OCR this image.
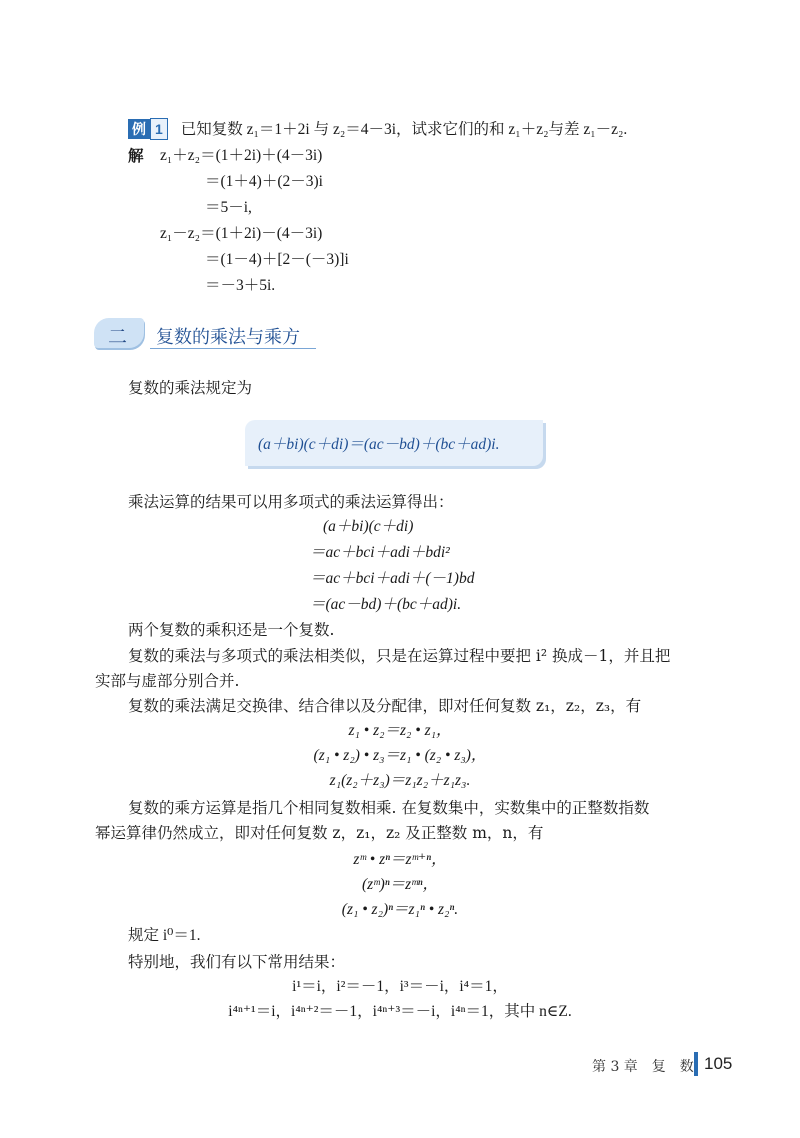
例 1 已知复数 z₁＝1＋2i 与 z₂＝4－3i，试求它们的和 z₁＋z₂与差 z₁－z₂.
解 z₁＋z₂＝(1＋2i)＋(4－3i)
＝(1＋4)＋(2－3)i
＝5－i,
z₁－z₂＝(1＋2i)－(4－3i)
＝(1－4)＋[2－(－3)]i
＝－3＋5i.
二 复数的乘法与乘方
复数的乘法规定为
(a＋bi)(c＋di)＝(ac－bd)＋(bc＋ad)i.
乘法运算的结果可以用多项式的乘法运算得出：
(a＋bi)(c＋di)
＝ac＋bci＋adi＋bdi²
＝ac＋bci＋adi＋(－1)bd
＝(ac－bd)＋(bc＋ad)i.
两个复数的乘积还是一个复数.
复数的乘法与多项式的乘法相类似，只是在运算过程中要把 i² 换成－1，并且把
实部与虚部分别合并.
复数的乘法满足交换律、结合律以及分配律，即对任何复数 z₁，z₂，z₃，有
z₁ • z₂＝z₂ • z₁，
(z₁ • z₂) • z₃＝z₁ • (z₂ • z₃)，
z₁(z₂＋z₃)＝z₁z₂＋z₁z₃.
复数的乘方运算是指几个相同复数相乘. 在复数集中，实数集中的正整数指数
幂运算律仍然成立，即对任何复数 z，z₁，z₂ 及正整数 m，n，有
zᵐ • zⁿ＝zᵐ⁺ⁿ，
(zᵐ)ⁿ＝zᵐⁿ，
(z₁ • z₂)ⁿ＝z₁ⁿ • z₂ⁿ.
规定 i⁰＝1.
特别地，我们有以下常用结果：
i¹＝i，i²＝－1，i³＝－i，i⁴＝1，
i⁴ⁿ⁺¹＝i，i⁴ⁿ⁺²＝－1，i⁴ⁿ⁺³＝－i，i⁴ⁿ＝1，其中 n∈Z.
第 3 章　复　数 105
